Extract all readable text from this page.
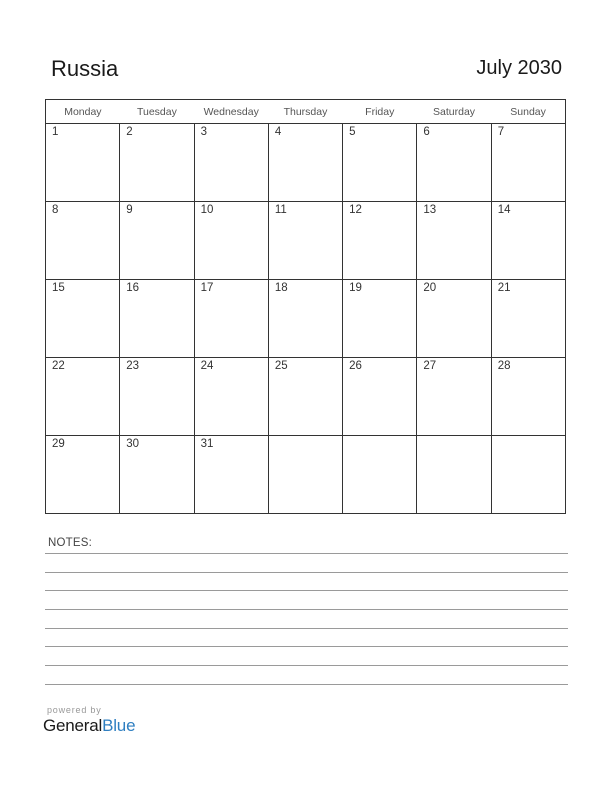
Russia	July 2030
Monday	Tuesday	Wednesday	Thursday	Friday	Saturday	Sunday

1	2	3	4	5	6	7

8	9	10	11	12	13	14

15	16	17	18	19	20	21

22	23	24	25	26	27	28

29	30	31				

NOTES:
powered by
GeneralBlue
